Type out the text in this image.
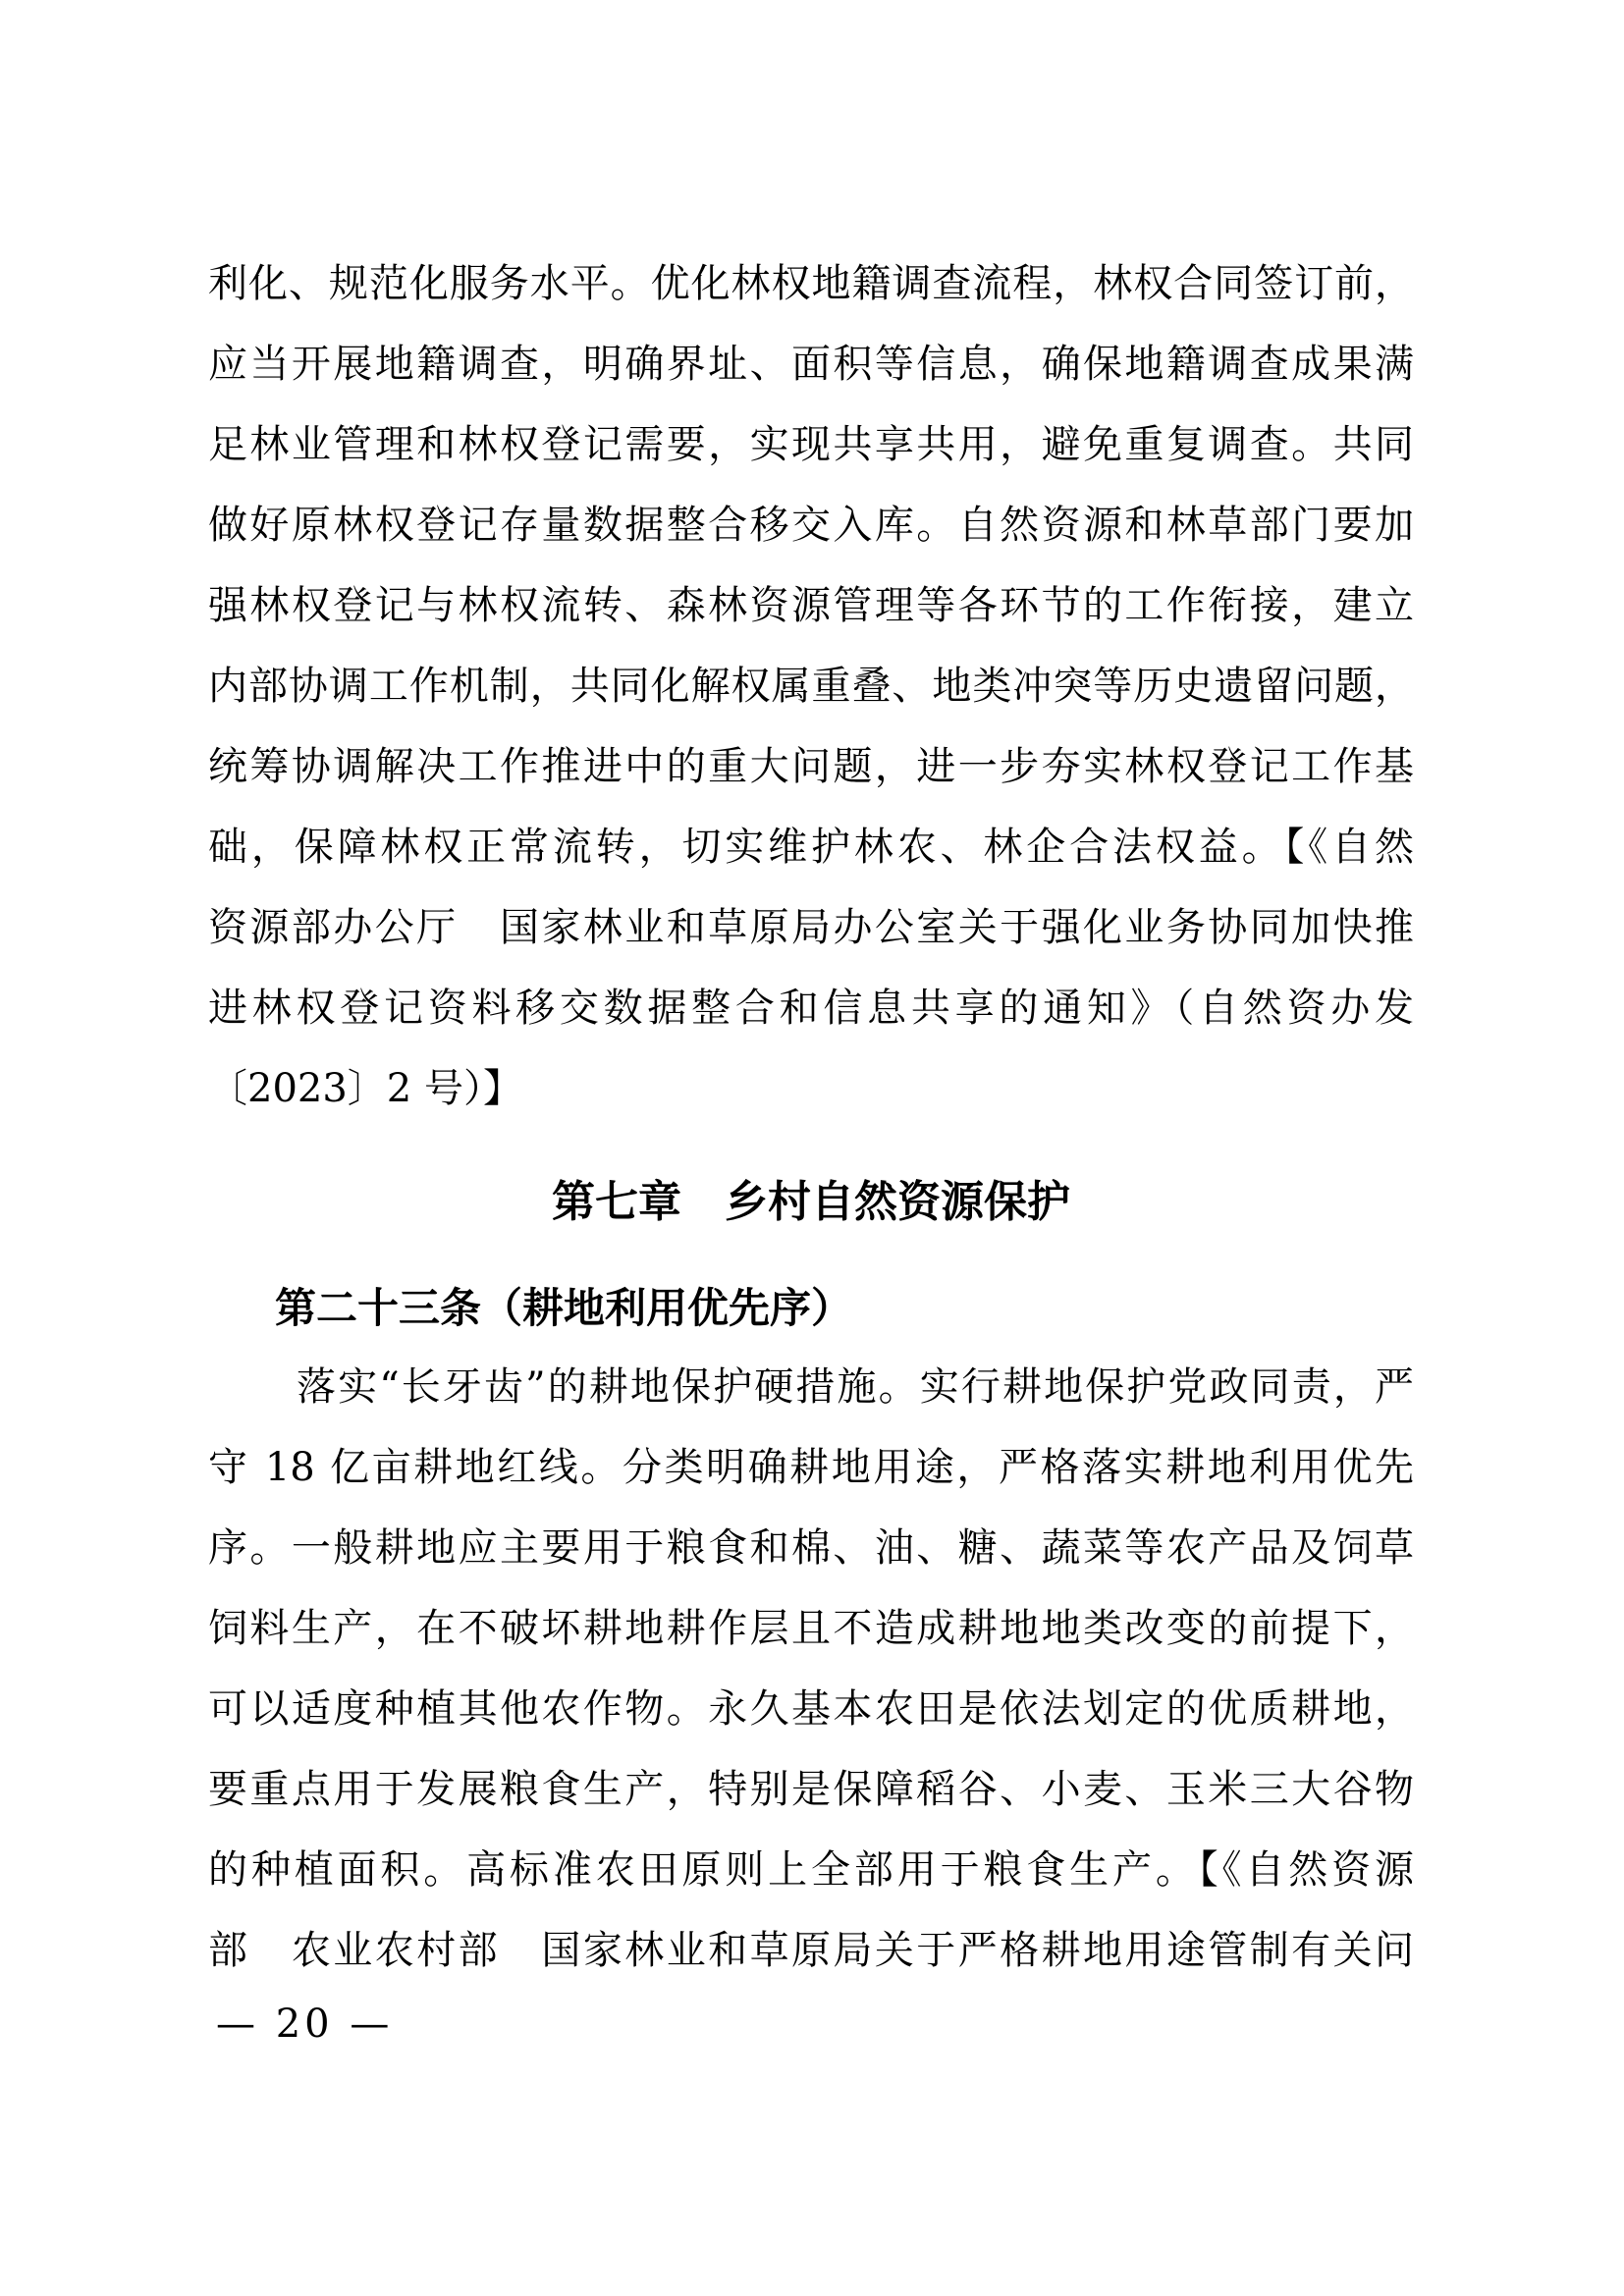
利化、规范化服务水平。优化林权地籍调查流程，林权合同签订前，
应当开展地籍调查，明确界址、面积等信息，确保地籍调查成果满
足林业管理和林权登记需要，实现共享共用，避免重复调查。共同
做好原林权登记存量数据整合移交入库。自然资源和林草部门要加
强林权登记与林权流转、森林资源管理等各环节的工作衔接，建立
内部协调工作机制，共同化解权属重叠、地类冲突等历史遗留问题，
统筹协调解决工作推进中的重大问题，进一步夯实林权登记工作基
础，保障林权正常流转，切实维护林农、林企合法权益。【《自然
资源部办公厅　国家林业和草原局办公室关于强化业务协同加快推
进林权登记资料移交数据整合和信息共享的通知》（自然资办发
〔2023〕2 号）】
第七章　乡村自然资源保护
第二十三条（耕地利用优先序）
落实“长牙齿”的耕地保护硬措施。实行耕地保护党政同责，严
守 18 亿亩耕地红线。分类明确耕地用途，严格落实耕地利用优先
序。一般耕地应主要用于粮食和棉、油、糖、蔬菜等农产品及饲草
饲料生产，在不破坏耕地耕作层且不造成耕地地类改变的前提下，
可以适度种植其他农作物。永久基本农田是依法划定的优质耕地，
要重点用于发展粮食生产，特别是保障稻谷、小麦、玉米三大谷物
的种植面积。高标准农田原则上全部用于粮食生产。【《自然资源
部　农业农村部　国家林业和草原局关于严格耕地用途管制有关问
— 20 —
